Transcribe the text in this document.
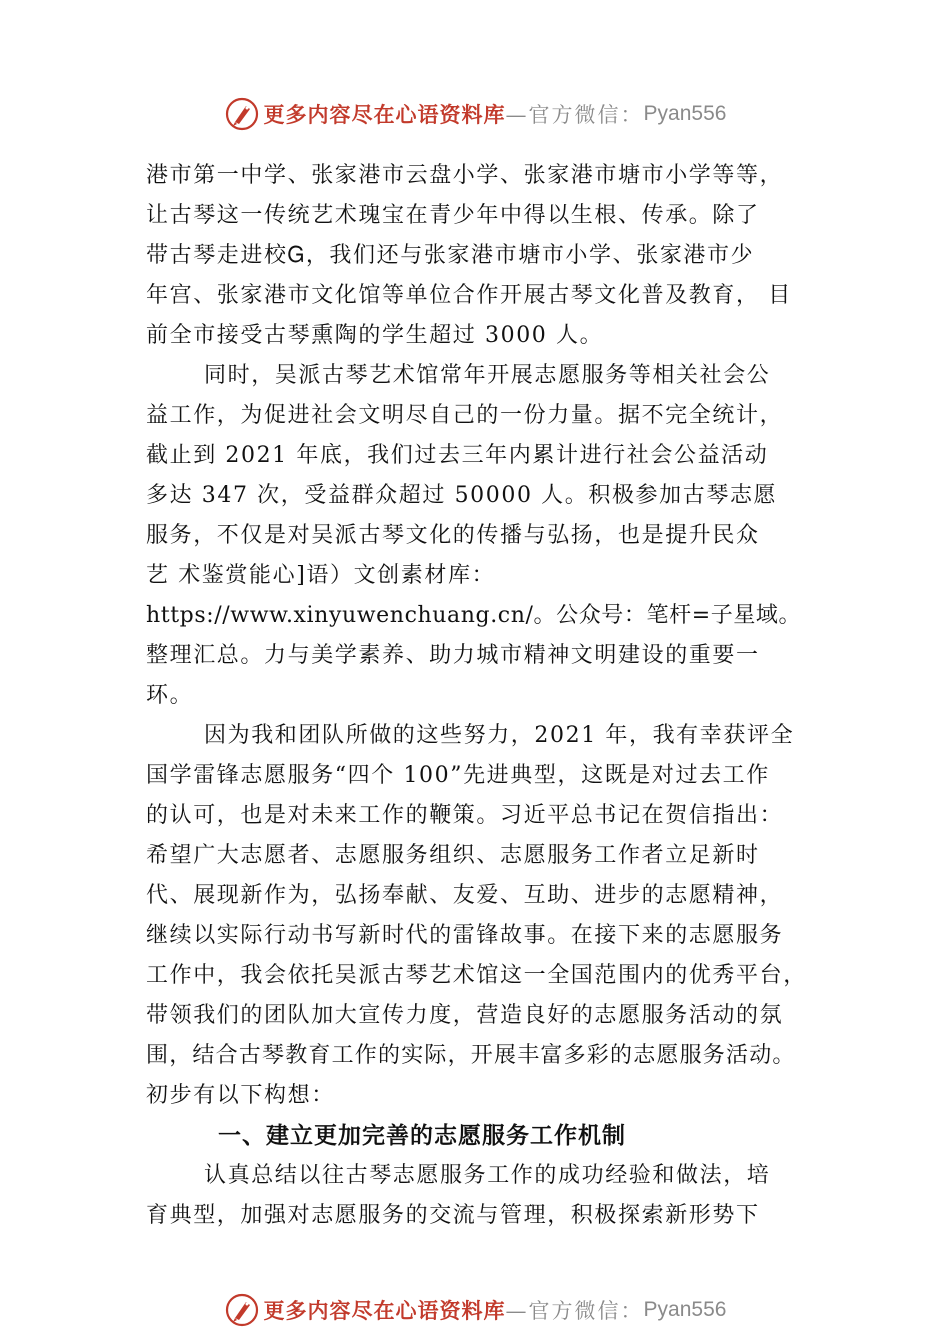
更多内容尽在心语资料库 —官方微信： Pyan556
港市第一中学、张家港市云盘小学、张家港市塘市小学等等，
让古琴这一传统艺术瑰宝在青少年中得以生根、传承。除了
带古琴走进校Ꮐ，我们还与张家港市塘市小学、张家港市少
年宫、张家港市文化馆等单位合作开展古琴文化普及教育， 目
前全市接受古琴熏陶的学生超过 3000 人。
同时，吴派古琴艺术馆常年开展志愿服务等相关社会公
益工作，为促进社会文明尽自己的一份力量。据不完全统计，
截止到 2021 年底，我们过去三年内累计进行社会公益活动
多达 347 次，受益群众超过 50000 人。积极参加古琴志愿
服务，不仅是对吴派古琴文化的传播与弘扬，也是提升民众
艺 术鉴赏能心]语）文创素材库：
https://www.xinyuwenchuang.cn/。公众号：笔杆=子星域。
整理汇总。力与美学素养、助力城市精神文明建设的重要一
环。
因为我和团队所做的这些努力，2021 年，我有幸获评全
国学雷锋志愿服务“四个 100”先进典型，这既是对过去工作
的认可，也是对未来工作的鞭策。习近平总书记在贺信指出：
希望广大志愿者、志愿服务组织、志愿服务工作者立足新时
代、展现新作为，弘扬奉献、友爱、互助、进步的志愿精神，
继续以实际行动书写新时代的雷锋故事。在接下来的志愿服务
工作中，我会依托吴派古琴艺术馆这一全国范围内的优秀平台，
带领我们的团队加大宣传力度，营造良好的志愿服务活动的氛
围，结合古琴教育工作的实际，开展丰富多彩的志愿服务活动。
初步有以下构想：
一、建立更加完善的志愿服务工作机制
认真总结以往古琴志愿服务工作的成功经验和做法，培
育典型，加强对志愿服务的交流与管理，积极探索新形势下
更多内容尽在心语资料库 —官方微信： Pyan556
